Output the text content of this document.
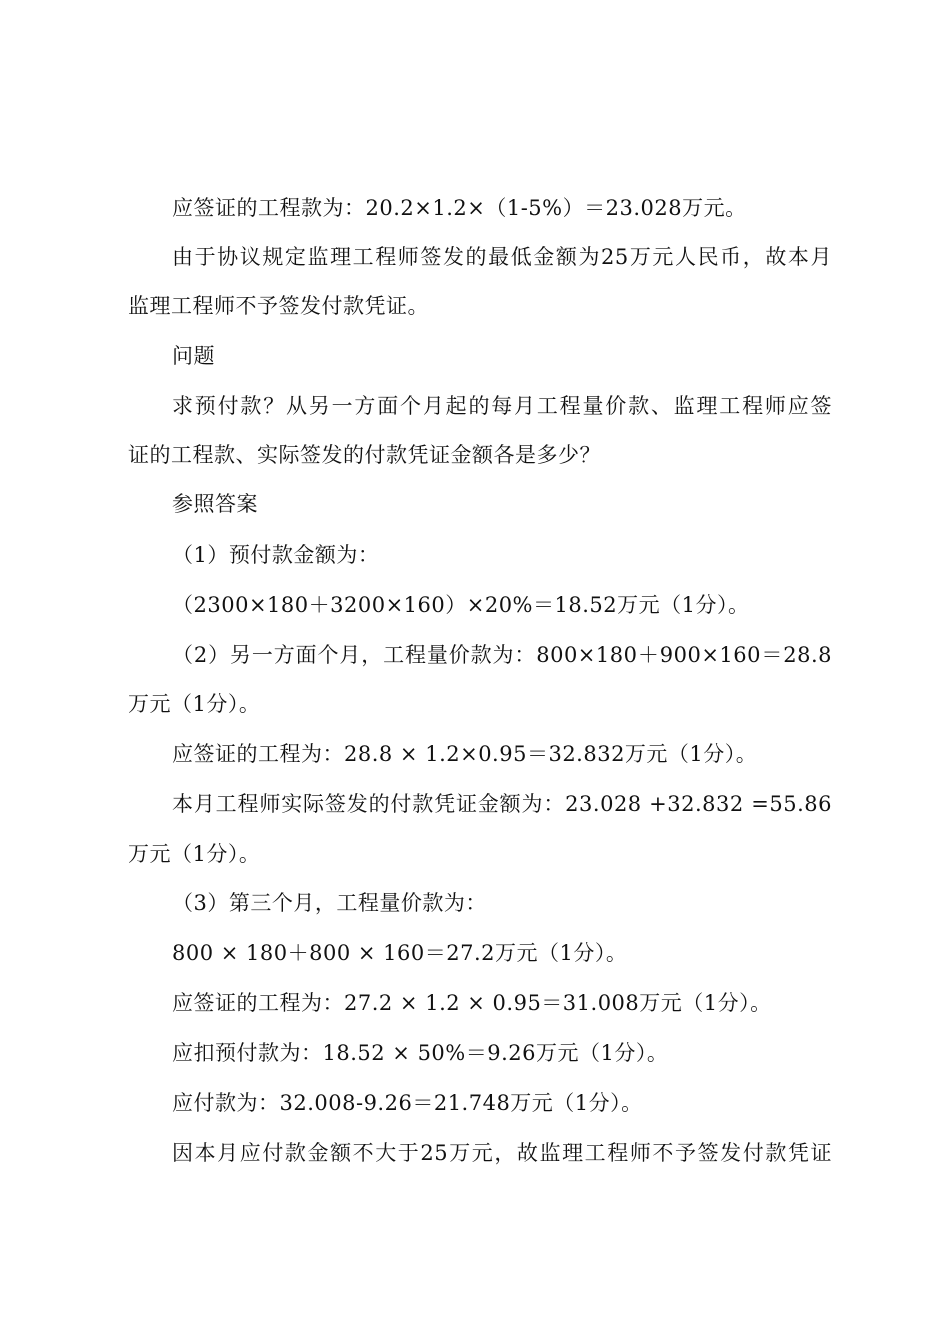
应签证的工程款为：20.2×1.2×（1-5%）＝23.028万元。
由于协议规定监理工程师签发的最低金额为25万元人民币，故本月
监理工程师不予签发付款凭证。
问题
求预付款？从另一方面个月起的每月工程量价款、监理工程师应签
证的工程款、实际签发的付款凭证金额各是多少？
参照答案
（1）预付款金额为：
（2300×180＋3200×160）×20%＝18.52万元（1分）。
（2）另一方面个月，工程量价款为：800×180＋900×160＝28.8
万元（1分）。
应签证的工程为：28.8 × 1.2×0.95＝32.832万元（1分）。
本月工程师实际签发的付款凭证金额为：23.028 +32.832 =55.86
万元（1分）。
（3）第三个月，工程量价款为：
800 × 180＋800 × 160＝27.2万元（1分）。
应签证的工程为：27.2 × 1.2 × 0.95＝31.008万元（1分）。
应扣预付款为：18.52 × 50%＝9.26万元（1分）。
应付款为：32.008-9.26＝21.748万元（1分）。
因本月应付款金额不大于25万元，故监理工程师不予签发付款凭证
